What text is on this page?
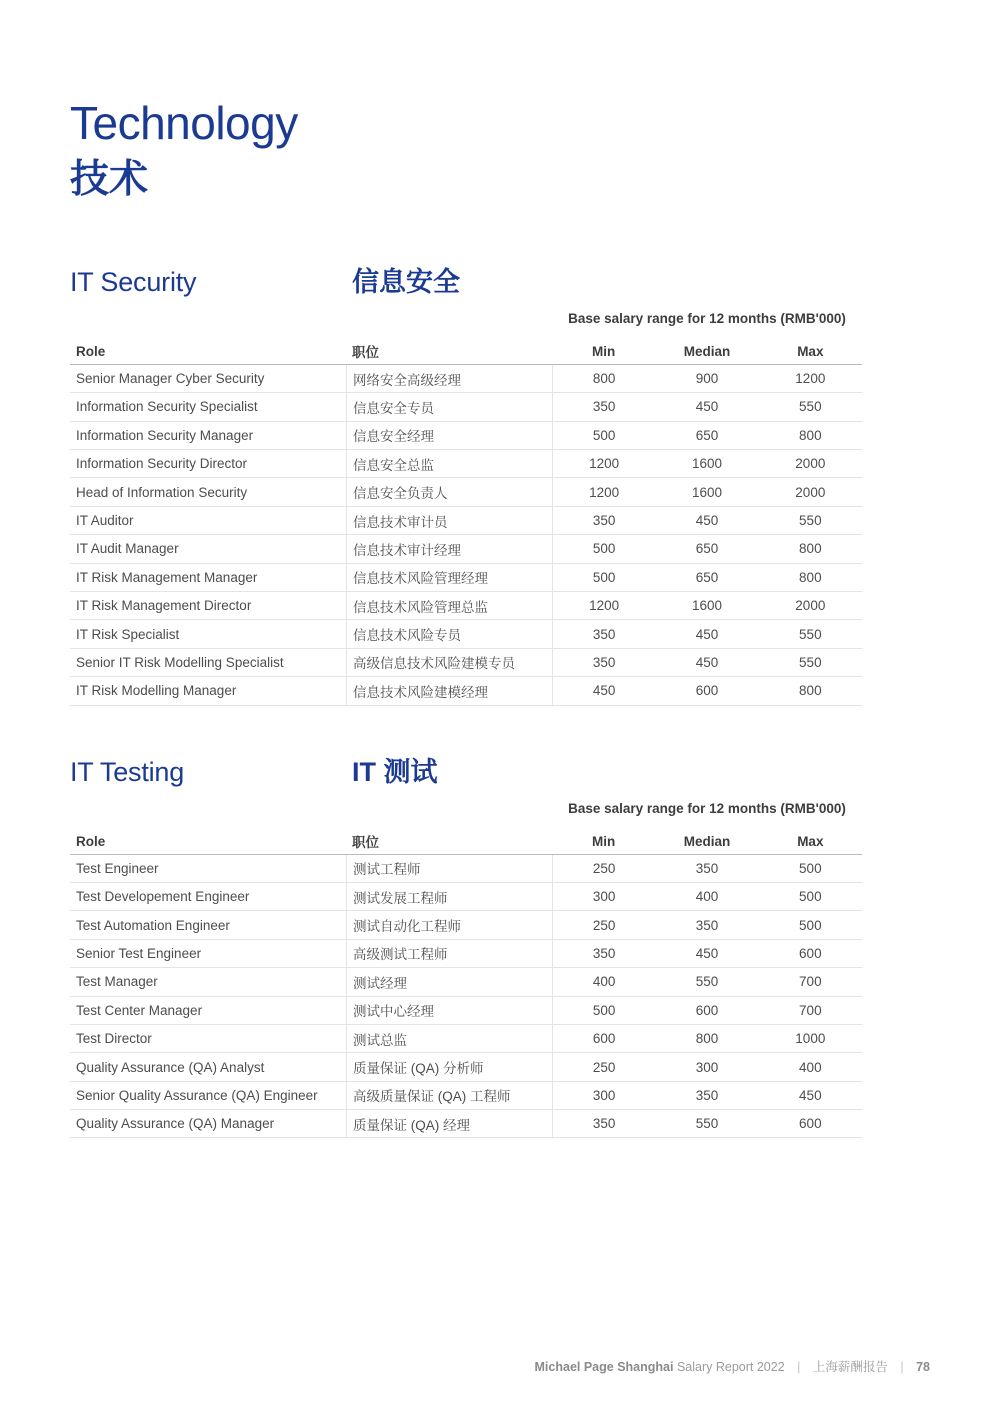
Technology
技术
IT Security	信息安全
Base salary range for 12 months (RMB'000)
Role	职位	Min	Median	Max
Senior Manager Cyber Security	网络安全高级经理	800	900	1200
Information Security Specialist	信息安全专员	350	450	550
Information Security Manager	信息安全经理	500	650	800
Information Security Director	信息安全总监	1200	1600	2000
Head of Information Security	信息安全负责人	1200	1600	2000
IT Auditor	信息技术审计员	350	450	550
IT Audit Manager	信息技术审计经理	500	650	800
IT Risk Management Manager	信息技术风险管理经理	500	650	800
IT Risk Management Director	信息技术风险管理总监	1200	1600	2000
IT Risk Specialist	信息技术风险专员	350	450	550
Senior IT Risk Modelling Specialist	高级信息技术风险建模专员	350	450	550
IT Risk Modelling Manager	信息技术风险建模经理	450	600	800
IT Testing	IT 测试
Base salary range for 12 months (RMB'000)
Role	职位	Min	Median	Max
Test Engineer	测试工程师	250	350	500
Test Developement Engineer	测试发展工程师	300	400	500
Test Automation Engineer	测试自动化工程师	250	350	500
Senior Test Engineer	高级测试工程师	350	450	600
Test Manager	测试经理	400	550	700
Test Center Manager	测试中心经理	500	600	700
Test Director	测试总监	600	800	1000
Quality Assurance (QA) Analyst	质量保证 (QA) 分析师	250	300	400
Senior Quality Assurance (QA) Engineer	高级质量保证 (QA) 工程师	300	350	450
Quality Assurance (QA) Manager	质量保证 (QA) 经理	350	550	600
Michael Page Shanghai Salary Report 2022 | 上海薪酬报告 | 78
